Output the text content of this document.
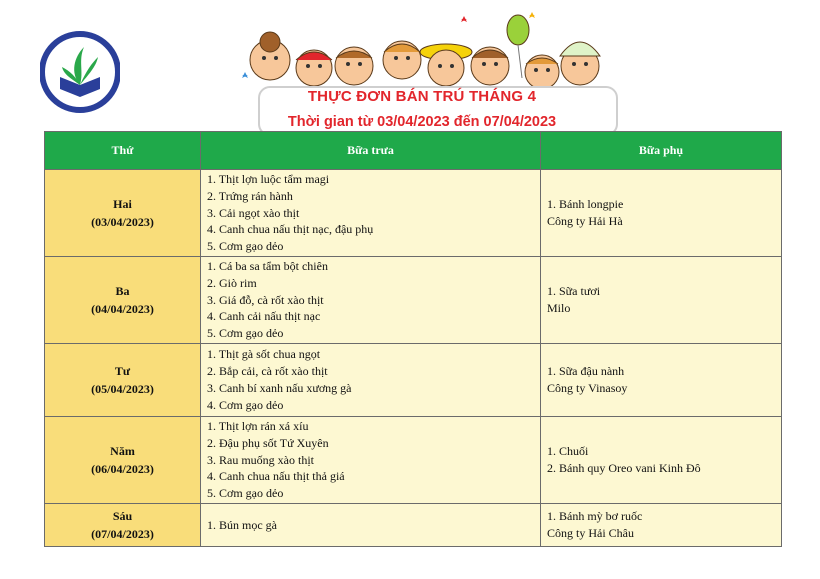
THỰC ĐƠN BÁN TRÚ THÁNG 4
Thời gian từ 03/04/2023 đến 07/04/2023
Thứ	Bữa trưa	Bữa phụ

Hai
(03/04/2023)	1. Thịt lợn luộc tẩm magi
2. Trứng rán hành
3. Cải ngọt xào thịt
4. Canh chua nấu thịt nạc, đậu phụ
5. Cơm gạo dẻo	1. Bánh longpie
Công ty Hải Hà

Ba
(04/04/2023)	1. Cá ba sa tẩm bột chiên
2. Giò rim
3. Giá đỗ, cà rốt xào thịt
4. Canh cải nấu thịt nạc
5. Cơm gạo dẻo	1. Sữa tươi
Milo

Tư
(05/04/2023)	1. Thịt gà sốt chua ngọt
2. Bắp cải, cà rốt xào thịt
3. Canh bí xanh nấu xương gà
4. Cơm gạo dẻo	1. Sữa đậu nành
Công ty Vinasoy

Năm
(06/04/2023)	1. Thịt lợn rán xá xíu
2. Đậu phụ sốt Tứ Xuyên
3. Rau muống xào thịt
4. Canh chua nấu thịt thả giá
5. Cơm gạo dẻo	1. Chuối
2. Bánh quy Oreo vani Kinh Đô

Sáu
(07/04/2023)	1. Bún mọc gà	1. Bánh mỳ bơ ruốc
Công ty Hải Châu
